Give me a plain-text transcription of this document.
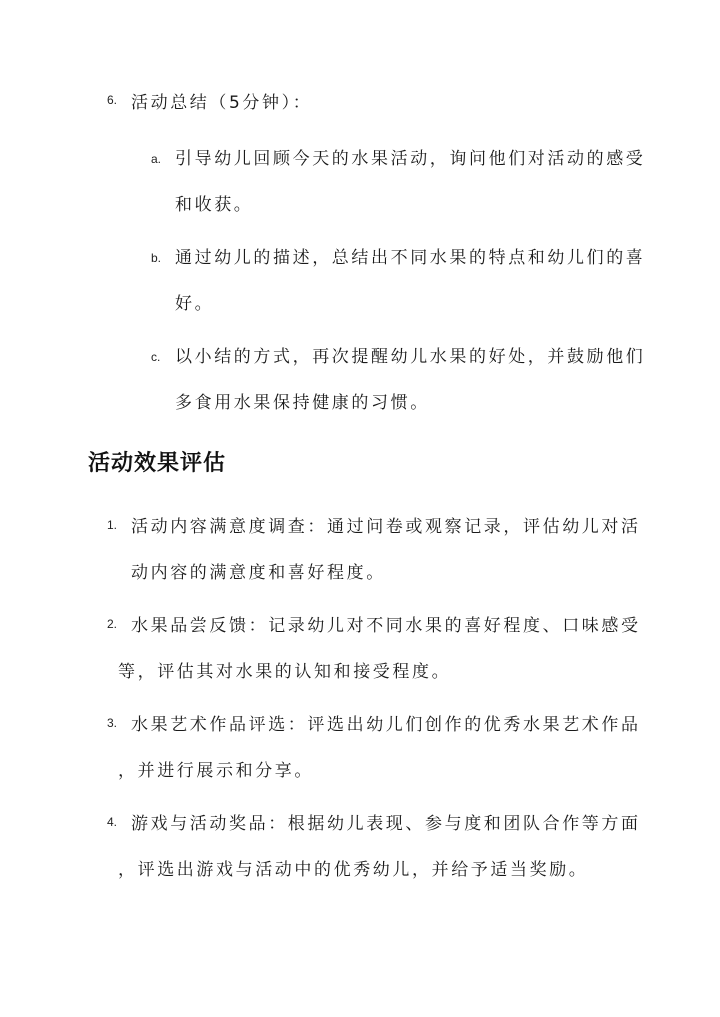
6. 活动总结（5分钟）：
a. 引导幼儿回顾今天的水果活动，询问他们对活动的感受
和收获。
b. 通过幼儿的描述，总结出不同水果的特点和幼儿们的喜
好。
c. 以小结的方式，再次提醒幼儿水果的好处，并鼓励他们
多食用水果保持健康的习惯。
活动效果评估
1. 活动内容满意度调查：通过问卷或观察记录，评估幼儿对活
动内容的满意度和喜好程度。
2. 水果品尝反馈：记录幼儿对不同水果的喜好程度、口味感受
等，评估其对水果的认知和接受程度。
3. 水果艺术作品评选：评选出幼儿们创作的优秀水果艺术作品
，并进行展示和分享。
4. 游戏与活动奖品：根据幼儿表现、参与度和团队合作等方面
，评选出游戏与活动中的优秀幼儿，并给予适当奖励。
